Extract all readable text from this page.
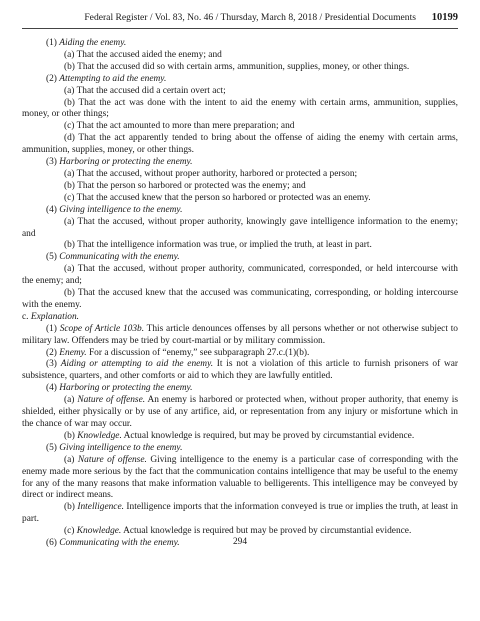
Federal Register / Vol. 83, No. 46 / Thursday, March 8, 2018 / Presidential Documents 10199

(1) Aiding the enemy.

(a) That the accused aided the enemy; and

(b) That the accused did so with certain arms, ammunition, supplies, money, or other things.

(2) Attempting to aid the enemy.

(a) That the accused did a certain overt act;

(b) That the act was done with the intent to aid the enemy with certain arms, ammunition, supplies, money, or other things;

(c) That the act amounted to more than mere preparation; and

(d) That the act apparently tended to bring about the offense of aiding the enemy with certain arms, ammunition, supplies, money, or other things.

(3) Harboring or protecting the enemy.

(a) That the accused, without proper authority, harbored or protected a person;

(b) That the person so harbored or protected was the enemy; and

(c) That the accused knew that the person so harbored or protected was an enemy.

(4) Giving intelligence to the enemy.

(a) That the accused, without proper authority, knowingly gave intelligence information to the enemy; and

(b) That the intelligence information was true, or implied the truth, at least in part.

(5) Communicating with the enemy.

(a) That the accused, without proper authority, communicated, corresponded, or held intercourse with the enemy; and;

(b) That the accused knew that the accused was communicating, corresponding, or holding intercourse with the enemy.

c. Explanation.

(1) Scope of Article 103b. This article denounces offenses by all persons whether or not otherwise subject to military law. Offenders may be tried by court-martial or by military commission.

(2) Enemy. For a discussion of “enemy,” see subparagraph 27.c.(1)(b).

(3) Aiding or attempting to aid the enemy. It is not a violation of this article to furnish prisoners of war subsistence, quarters, and other comforts or aid to which they are lawfully entitled.

(4) Harboring or protecting the enemy.

(a) Nature of offense. An enemy is harbored or protected when, without proper authority, that enemy is shielded, either physically or by use of any artifice, aid, or representation from any injury or misfortune which in the chance of war may occur.

(b) Knowledge. Actual knowledge is required, but may be proved by circumstantial evidence.

(5) Giving intelligence to the enemy.

(a) Nature of offense. Giving intelligence to the enemy is a particular case of corresponding with the enemy made more serious by the fact that the communication contains intelligence that may be useful to the enemy for any of the many reasons that make information valuable to belligerents. This intelligence may be conveyed by direct or indirect means.

(b) Intelligence. Intelligence imports that the information conveyed is true or implies the truth, at least in part.

(c) Knowledge. Actual knowledge is required but may be proved by circumstantial evidence.

(6) Communicating with the enemy.	294
